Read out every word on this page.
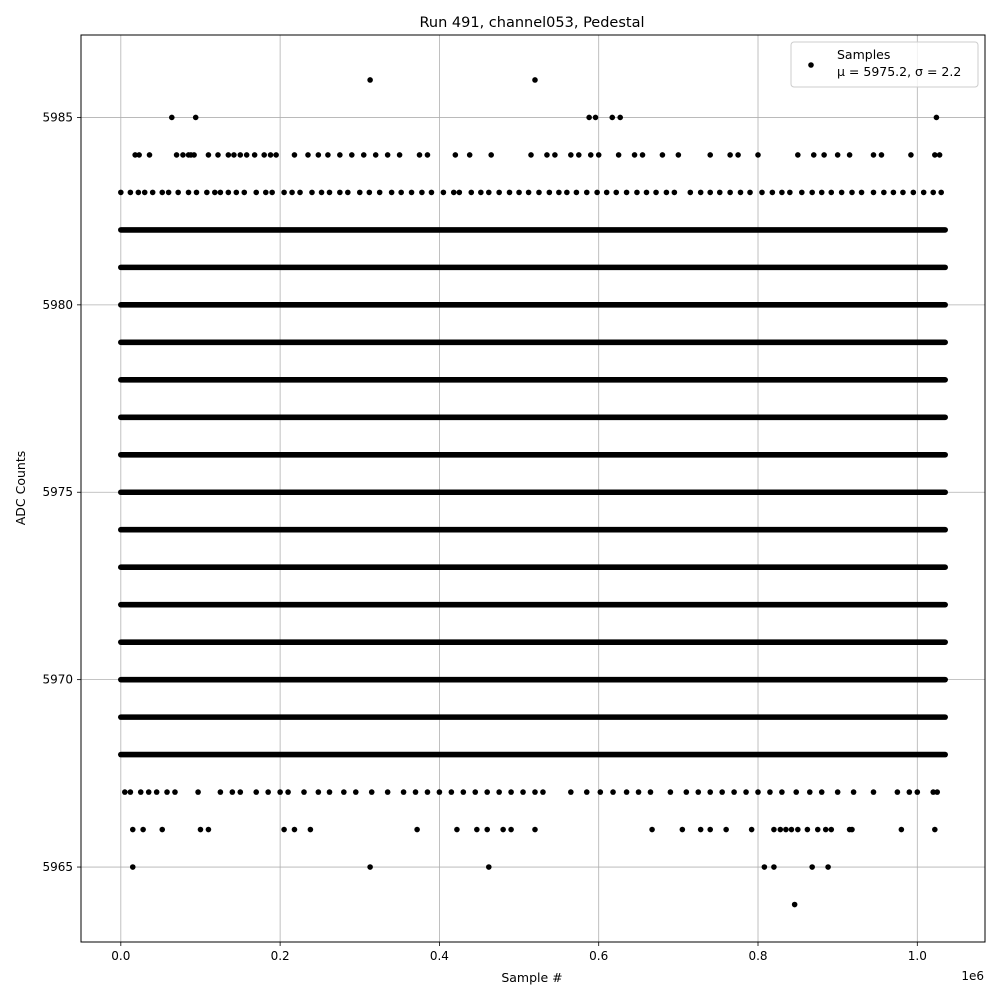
Run 491, channel053, Pedestal
0.0	0.2	0.4	0.6	0.8	1.0
5965
5970
5975
5980
5985
1e6
Sample #
ADC Counts
Samples
μ = 5975.2, σ = 2.2
